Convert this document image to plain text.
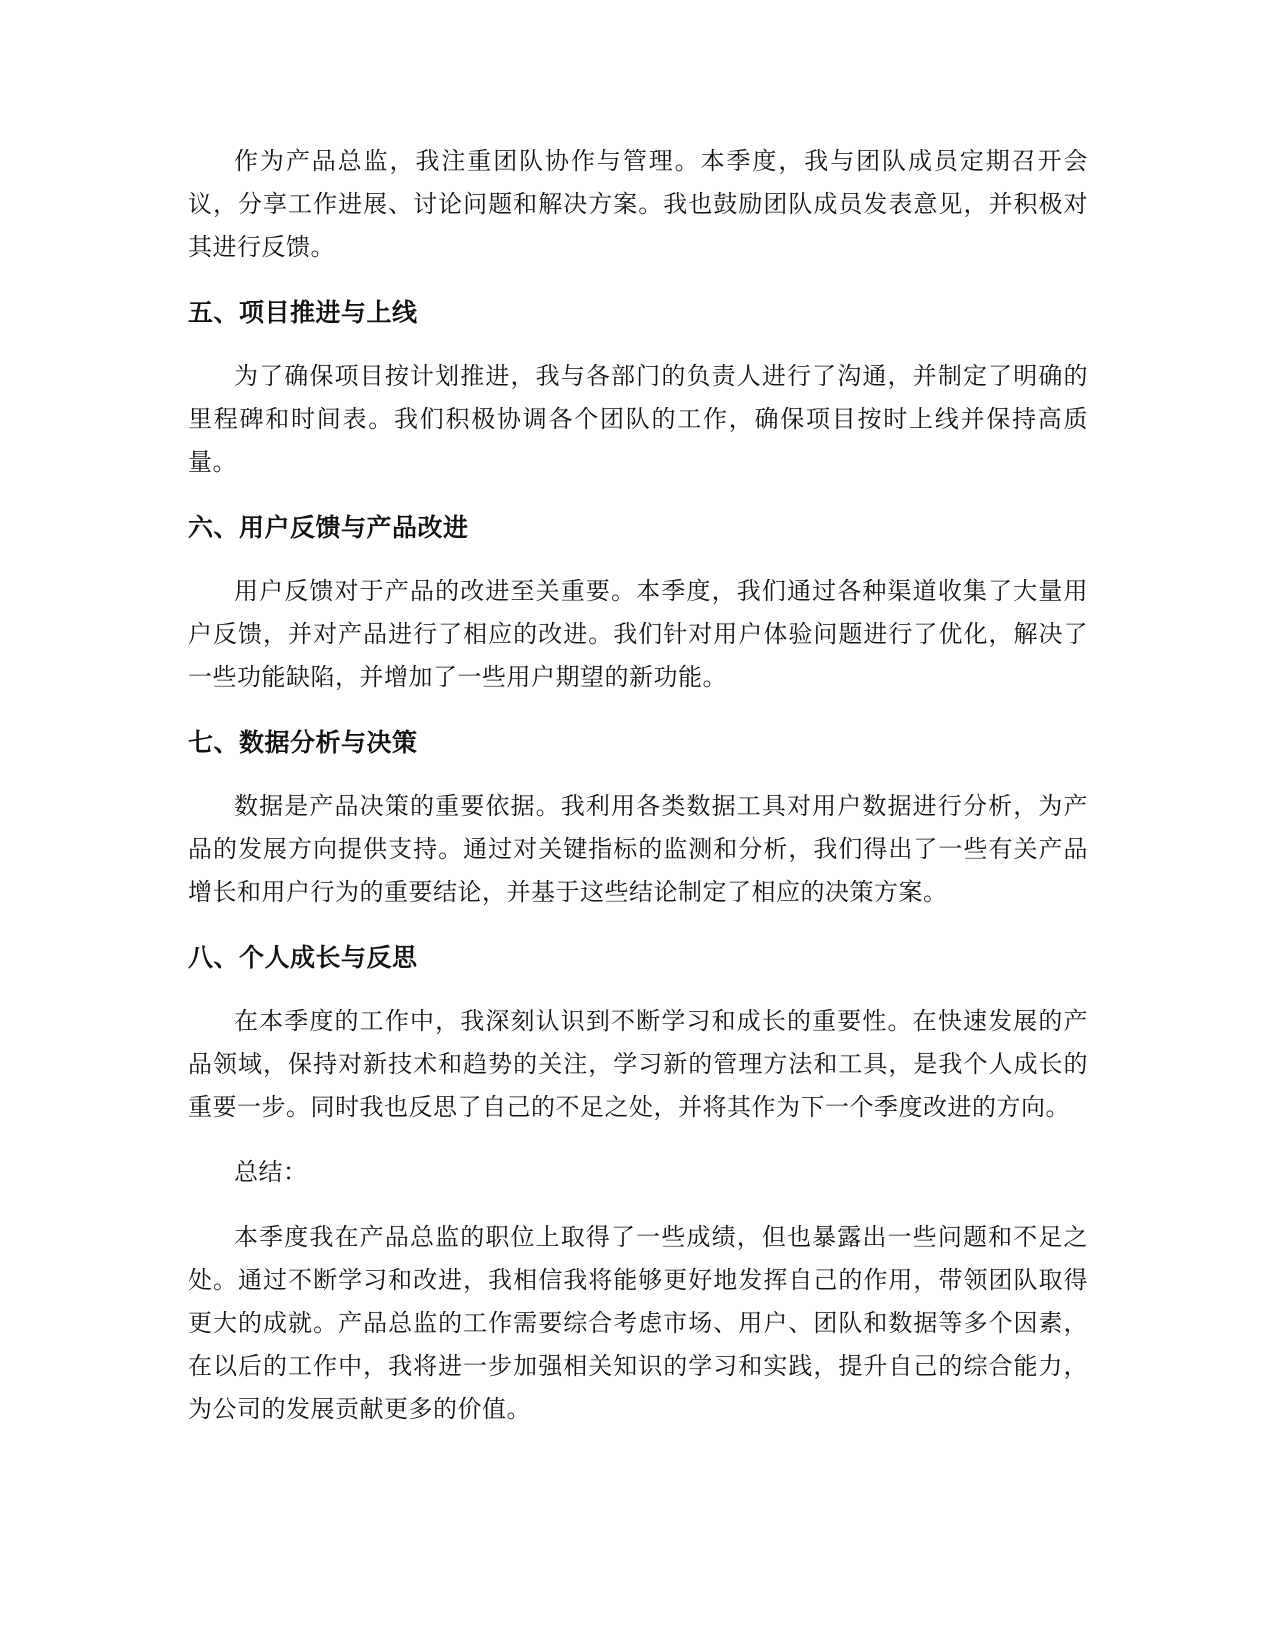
作为产品总监，我注重团队协作与管理。本季度，我与团队成员定期召开会议，分享工作进展、讨论问题和解决方案。我也鼓励团队成员发表意见，并积极对其进行反馈。

五、项目推进与上线

为了确保项目按计划推进，我与各部门的负责人进行了沟通，并制定了明确的里程碑和时间表。我们积极协调各个团队的工作，确保项目按时上线并保持高质量。

六、用户反馈与产品改进

用户反馈对于产品的改进至关重要。本季度，我们通过各种渠道收集了大量用户反馈，并对产品进行了相应的改进。我们针对用户体验问题进行了优化，解决了一些功能缺陷，并增加了一些用户期望的新功能。

七、数据分析与决策

数据是产品决策的重要依据。我利用各类数据工具对用户数据进行分析，为产品的发展方向提供支持。通过对关键指标的监测和分析，我们得出了一些有关产品增长和用户行为的重要结论，并基于这些结论制定了相应的决策方案。

八、个人成长与反思

在本季度的工作中，我深刻认识到不断学习和成长的重要性。在快速发展的产品领域，保持对新技术和趋势的关注，学习新的管理方法和工具，是我个人成长的重要一步。同时我也反思了自己的不足之处，并将其作为下一个季度改进的方向。

总结：

本季度我在产品总监的职位上取得了一些成绩，但也暴露出一些问题和不足之处。通过不断学习和改进，我相信我将能够更好地发挥自己的作用，带领团队取得更大的成就。产品总监的工作需要综合考虑市场、用户、团队和数据等多个因素，在以后的工作中，我将进一步加强相关知识的学习和实践，提升自己的综合能力，为公司的发展贡献更多的价值。
